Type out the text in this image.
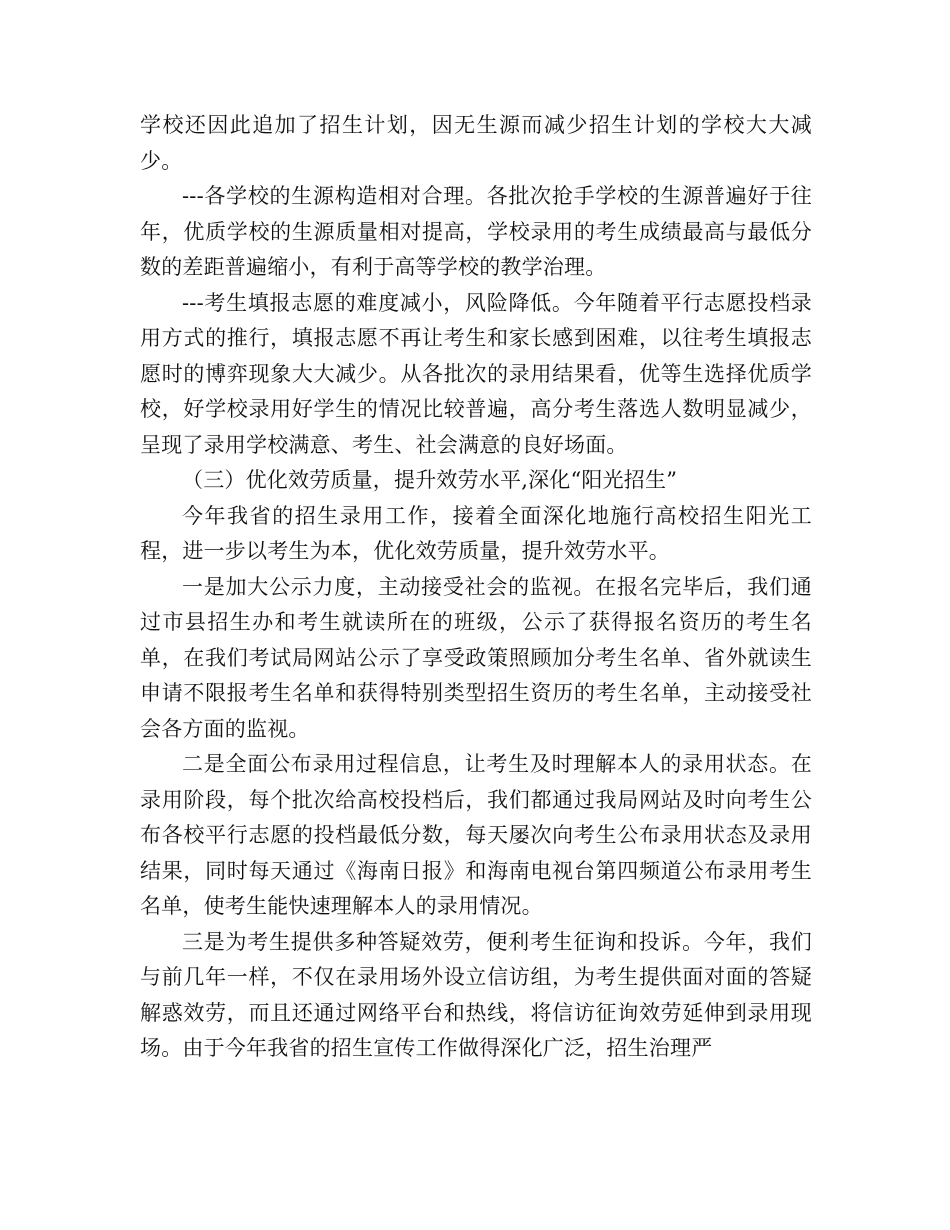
学校还因此追加了招生计划，因无生源而减少招生计划的学校大大减少。

---各学校的生源构造相对合理。各批次抢手学校的生源普遍好于往年，优质学校的生源质量相对提高，学校录用的考生成绩最高与最低分数的差距普遍缩小，有利于高等学校的教学治理。

---考生填报志愿的难度减小，风险降低。今年随着平行志愿投档录用方式的推行，填报志愿不再让考生和家长感到困难，以往考生填报志愿时的博弈现象大大减少。从各批次的录用结果看，优等生选择优质学校，好学校录用好学生的情况比较普遍，高分考生落选人数明显减少，呈现了录用学校满意、考生、社会满意的良好场面。

（三）优化效劳质量，提升效劳水平,深化“阳光招生”

今年我省的招生录用工作，接着全面深化地施行高校招生阳光工程，进一步以考生为本，优化效劳质量，提升效劳水平。

一是加大公示力度，主动接受社会的监视。在报名完毕后，我们通过市县招生办和考生就读所在的班级，公示了获得报名资历的考生名单，在我们考试局网站公示了享受政策照顾加分考生名单、省外就读生申请不限报考生名单和获得特别类型招生资历的考生名单，主动接受社会各方面的监视。

二是全面公布录用过程信息，让考生及时理解本人的录用状态。在录用阶段，每个批次给高校投档后，我们都通过我局网站及时向考生公布各校平行志愿的投档最低分数，每天屡次向考生公布录用状态及录用结果，同时每天通过《海南日报》和海南电视台第四频道公布录用考生名单，使考生能快速理解本人的录用情况。

三是为考生提供多种答疑效劳，便利考生征询和投诉。今年，我们与前几年一样，不仅在录用场外设立信访组，为考生提供面对面的答疑解惑效劳，而且还通过网络平台和热线，将信访征询效劳延伸到录用现场。由于今年我省的招生宣传工作做得深化广泛，招生治理严
